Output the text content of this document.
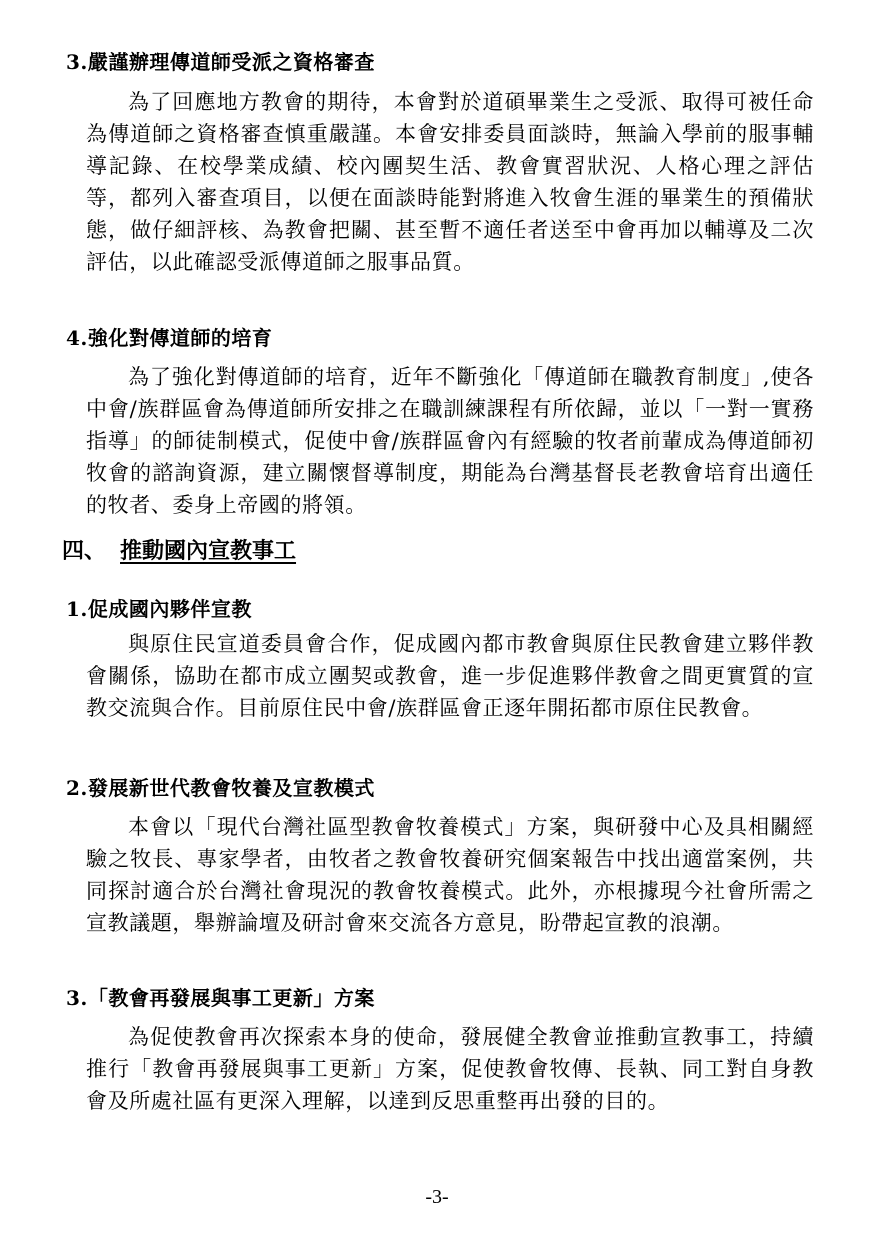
3.嚴謹辦理傳道師受派之資格審查
為了回應地方教會的期待，本會對於道碩畢業生之受派、取得可被任命為傳道師之資格審查慎重嚴謹。本會安排委員面談時，無論入學前的服事輔導記錄、在校學業成績、校內團契生活、教會實習狀況、人格心理之評估等，都列入審查項目，以便在面談時能對將進入牧會生涯的畢業生的預備狀態，做仔細評核、為教會把關、甚至暫不適任者送至中會再加以輔導及二次評估，以此確認受派傳道師之服事品質。
4.強化對傳道師的培育
為了強化對傳道師的培育，近年不斷強化「傳道師在職教育制度」,使各中會/族群區會為傳道師所安排之在職訓練課程有所依歸，並以「一對一實務指導」的師徒制模式，促使中會/族群區會內有經驗的牧者前輩成為傳道師初牧會的諮詢資源，建立關懷督導制度，期能為台灣基督長老教會培育出適任的牧者、委身上帝國的將領。
四、 推動國內宣教事工
1.促成國內夥伴宣教
與原住民宣道委員會合作，促成國內都市教會與原住民教會建立夥伴教會關係，協助在都市成立團契或教會，進一步促進夥伴教會之間更實質的宣教交流與合作。目前原住民中會/族群區會正逐年開拓都市原住民教會。
2.發展新世代教會牧養及宣教模式
本會以「現代台灣社區型教會牧養模式」方案，與研發中心及具相關經驗之牧長、專家學者，由牧者之教會牧養研究個案報告中找出適當案例，共同探討適合於台灣社會現況的教會牧養模式。此外，亦根據現今社會所需之宣教議題，舉辦論壇及研討會來交流各方意見，盼帶起宣教的浪潮。
3.「教會再發展與事工更新」方案
為促使教會再次探索本身的使命，發展健全教會並推動宣教事工，持續推行「教會再發展與事工更新」方案，促使教會牧傳、長執、同工對自身教會及所處社區有更深入理解，以達到反思重整再出發的目的。
-3-
